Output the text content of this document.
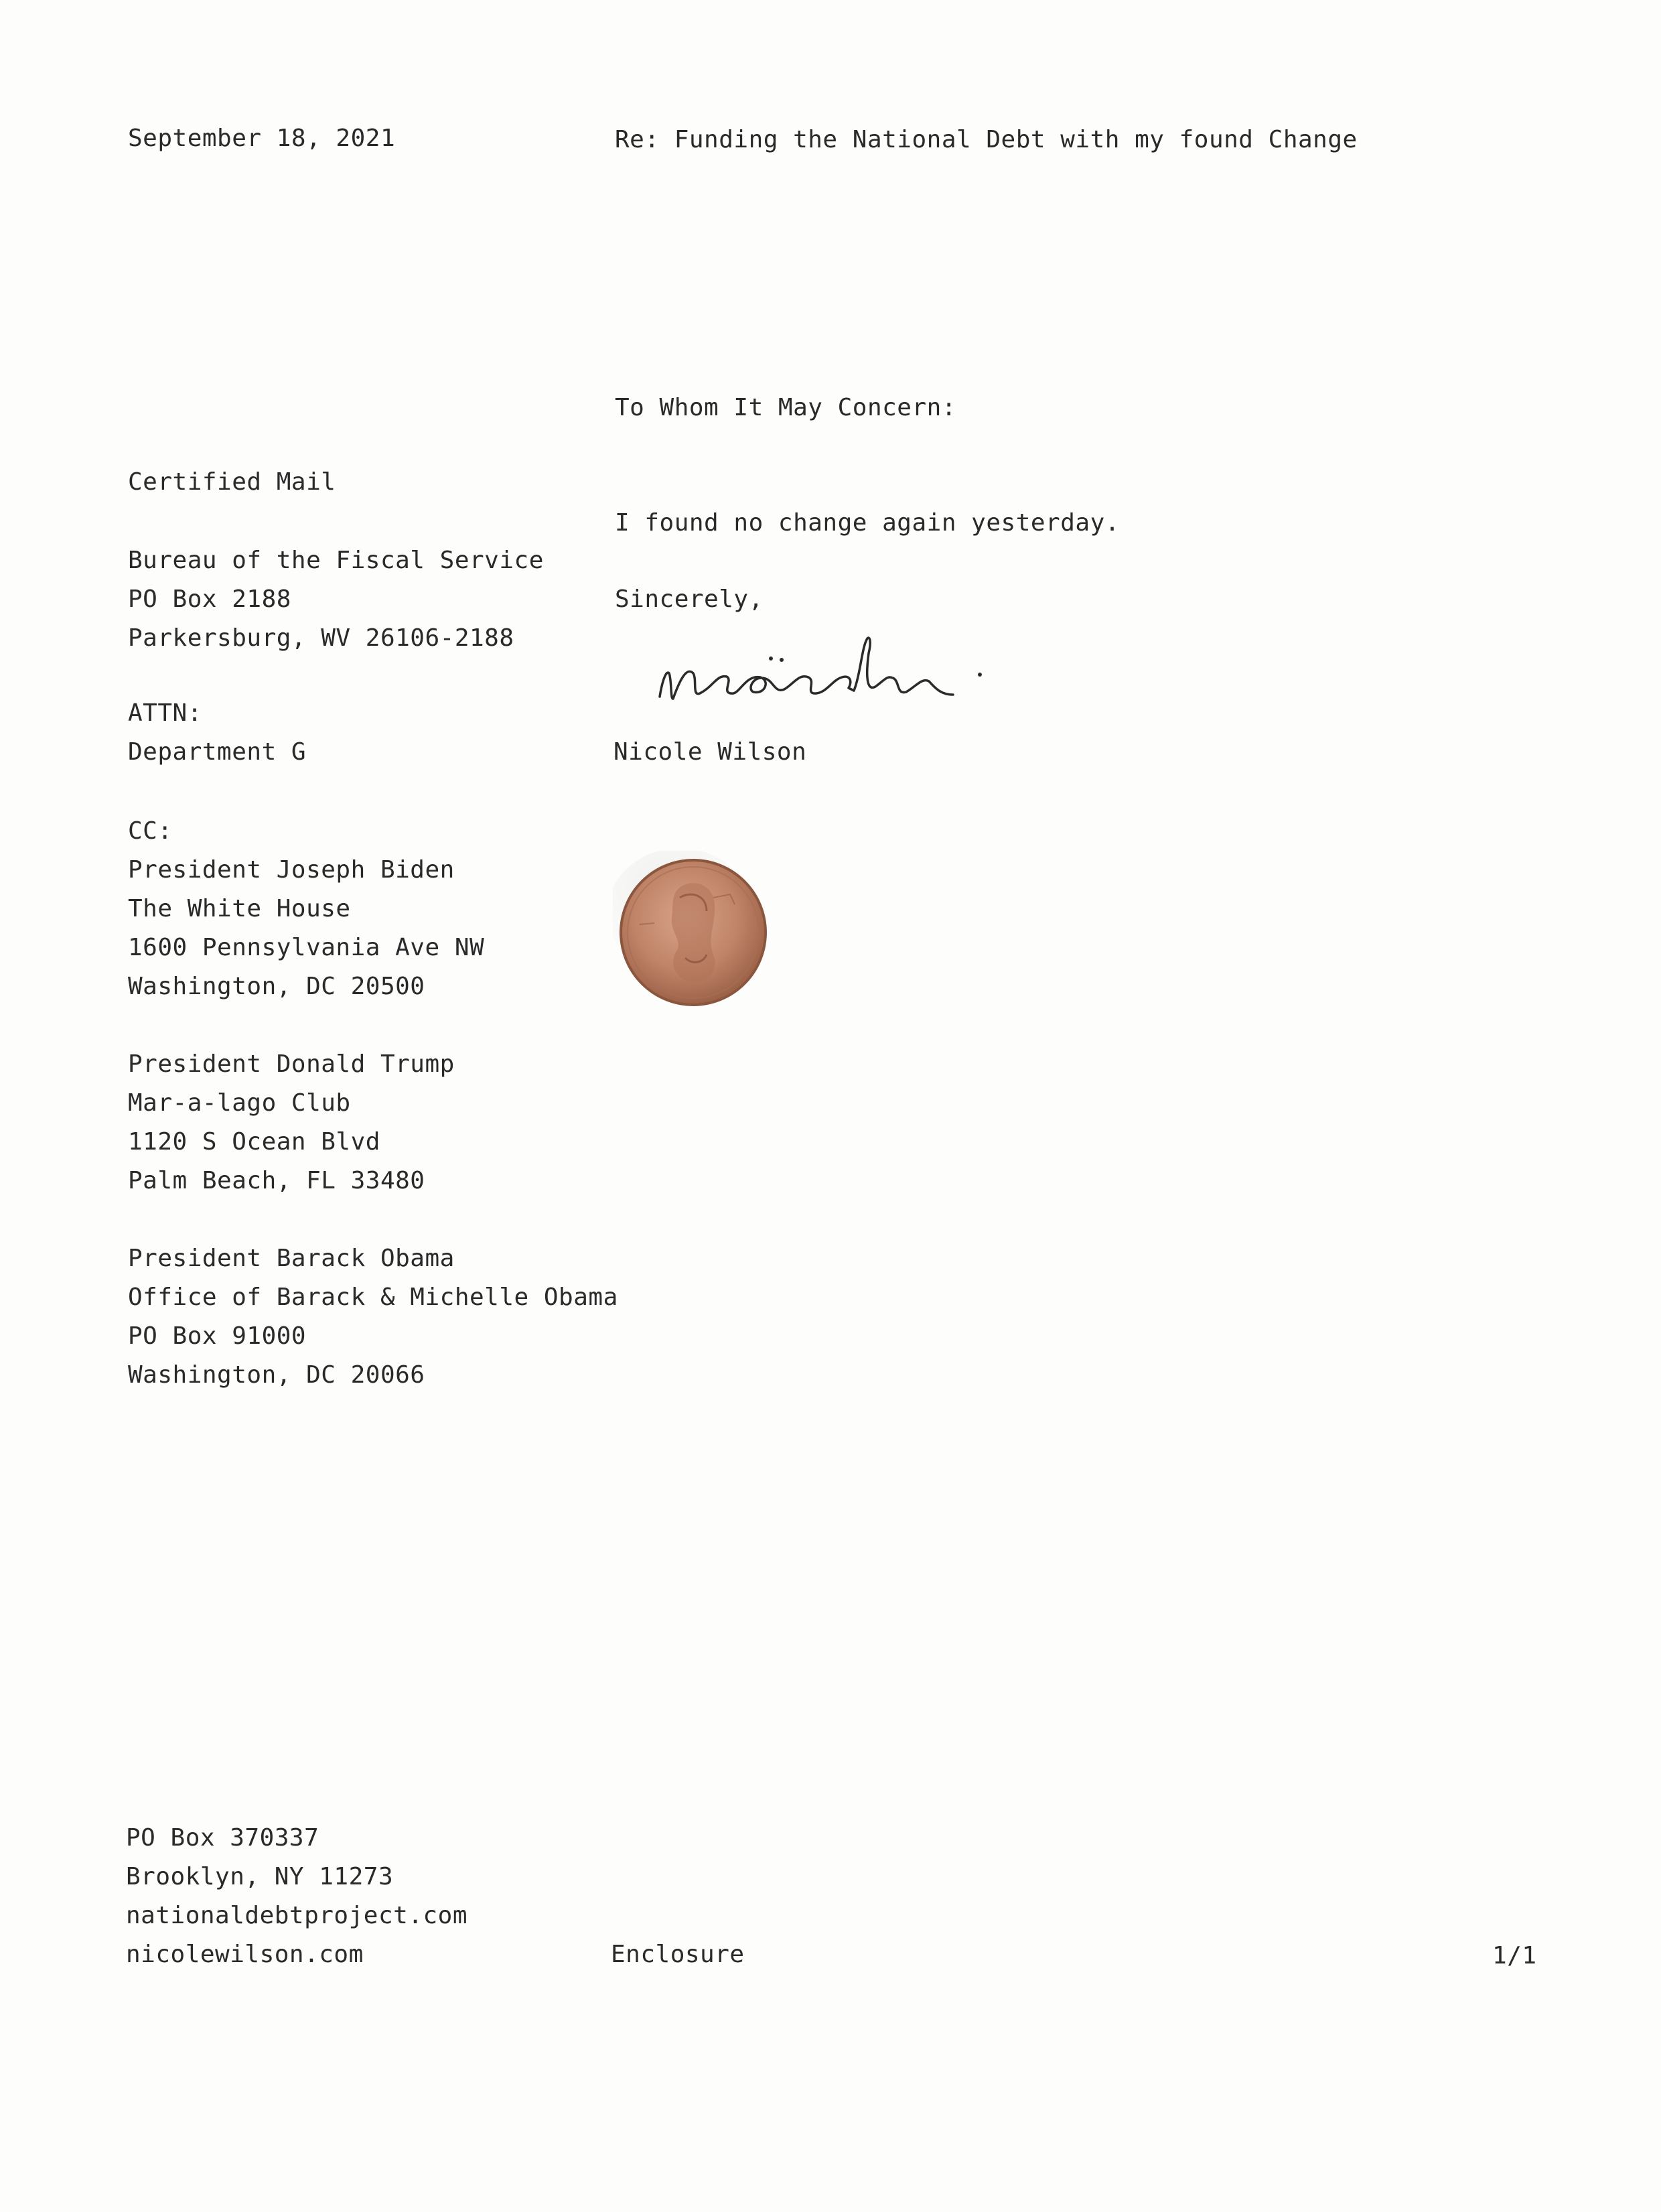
September 18, 2021	Re: Funding the National Debt with my found Change
To Whom It May Concern:
Certified Mail
I found no change again yesterday.
Bureau of the Fiscal Service
PO Box 2188
Parkersburg, WV 26106-2188
Sincerely,
ATTN:
Department G	Nicole Wilson
CC:
President Joseph Biden
The White House
1600 Pennsylvania Ave NW
Washington, DC 20500
President Donald Trump
Mar-a-lago Club
1120 S Ocean Blvd
Palm Beach, FL 33480
President Barack Obama
Office of Barack & Michelle Obama
PO Box 91000
Washington, DC 20066
PO Box 370337
Brooklyn, NY 11273
nationaldebtproject.com
nicolewilson.com	Enclosure	1/1
